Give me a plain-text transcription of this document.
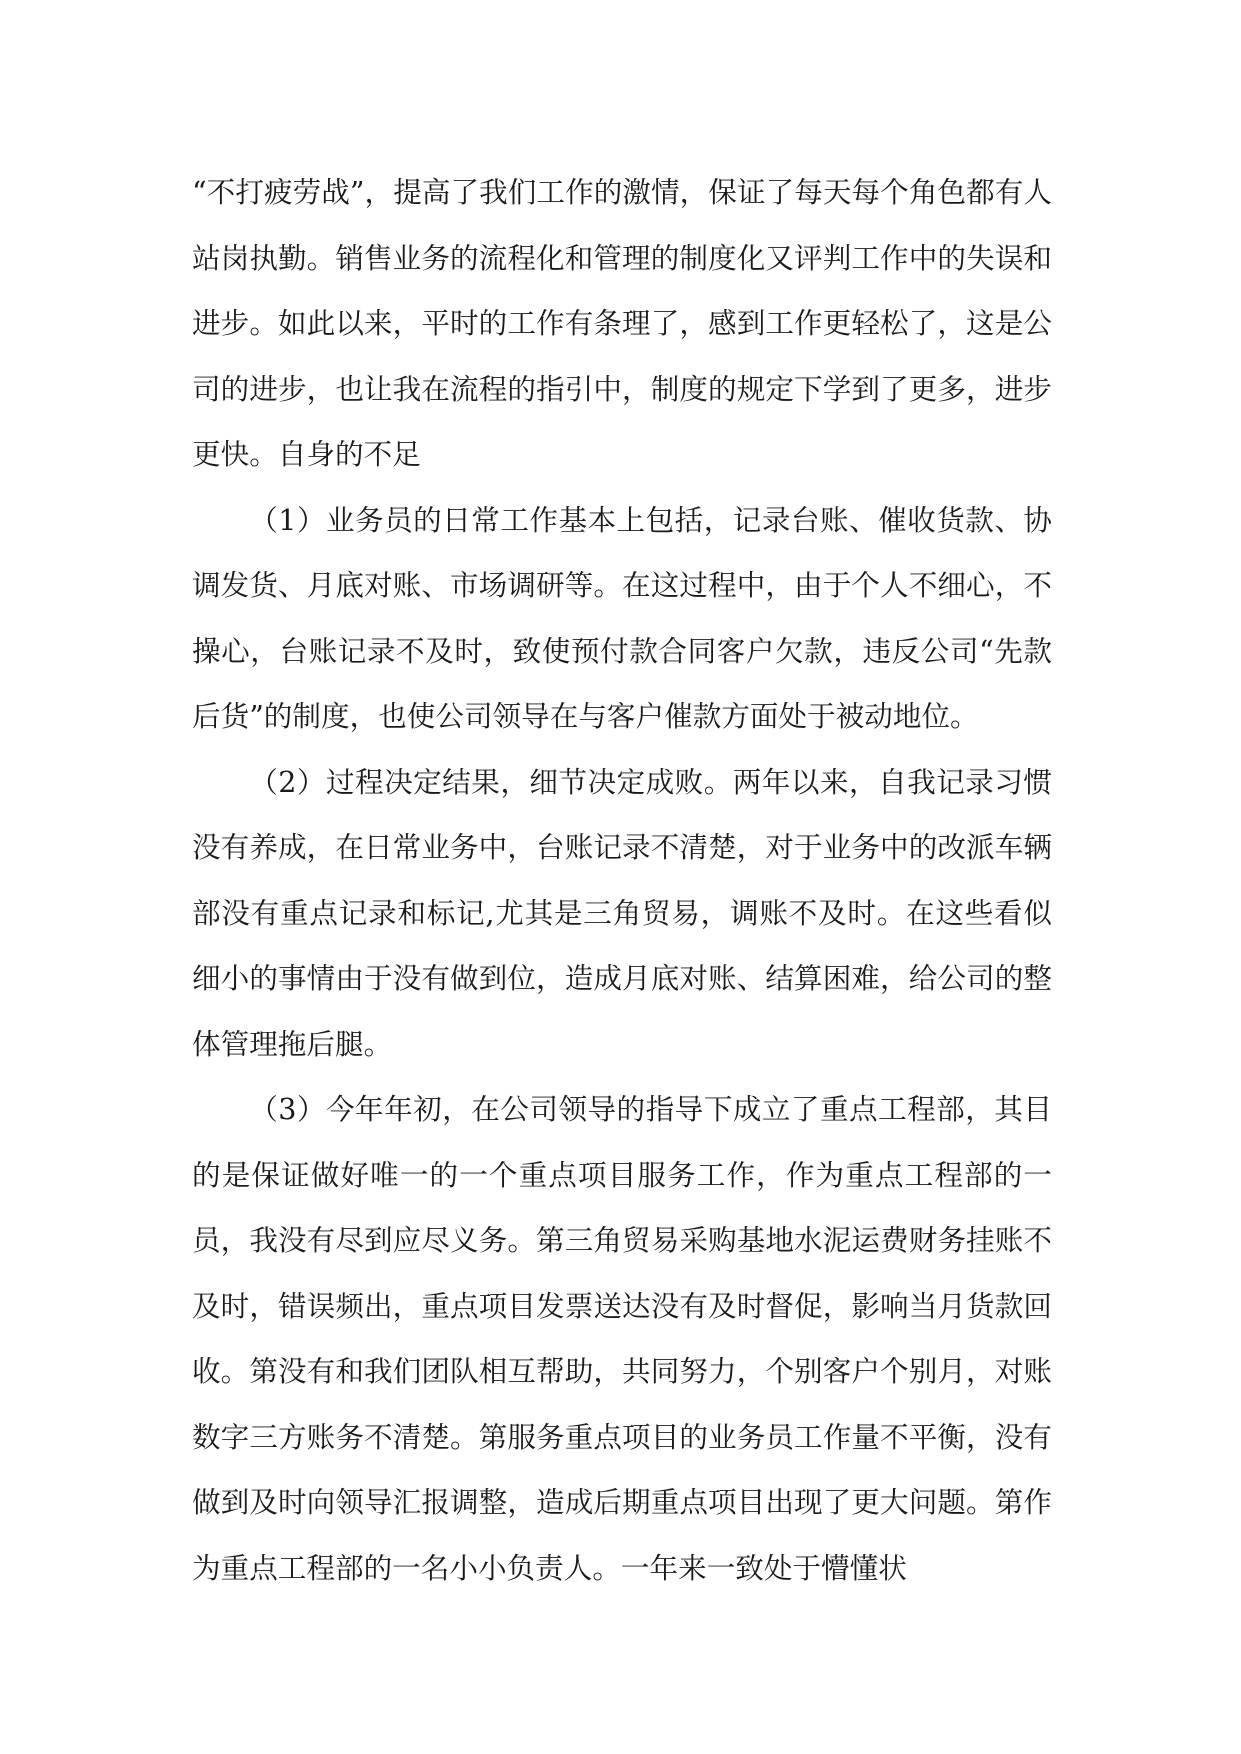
“不打疲劳战”，提高了我们工作的激情，保证了每天每个角色都有人站岗执勤。销售业务的流程化和管理的制度化又评判工作中的失误和进步。如此以来，平时的工作有条理了，感到工作更轻松了，这是公司的进步，也让我在流程的指引中，制度的规定下学到了更多，进步更快。自身的不足

（1）业务员的日常工作基本上包括，记录台账、催收货款、协调发货、月底对账、市场调研等。在这过程中，由于个人不细心，不操心，台账记录不及时，致使预付款合同客户欠款，违反公司“先款后货”的制度，也使公司领导在与客户催款方面处于被动地位。

（2）过程决定结果，细节决定成败。两年以来，自我记录习惯没有养成，在日常业务中，台账记录不清楚，对于业务中的改派车辆部没有重点记录和标记,尤其是三角贸易，调账不及时。在这些看似细小的事情由于没有做到位，造成月底对账、结算困难，给公司的整体管理拖后腿。

（3）今年年初，在公司领导的指导下成立了重点工程部，其目的是保证做好唯一的一个重点项目服务工作，作为重点工程部的一员，我没有尽到应尽义务。第三角贸易采购基地水泥运费财务挂账不及时，错误频出，重点项目发票送达没有及时督促，影响当月货款回收。第没有和我们团队相互帮助，共同努力，个别客户个别月，对账数字三方账务不清楚。第服务重点项目的业务员工作量不平衡，没有做到及时向领导汇报调整，造成后期重点项目出现了更大问题。第作为重点工程部的一名小小负责人。一年来一致处于懵懂状
